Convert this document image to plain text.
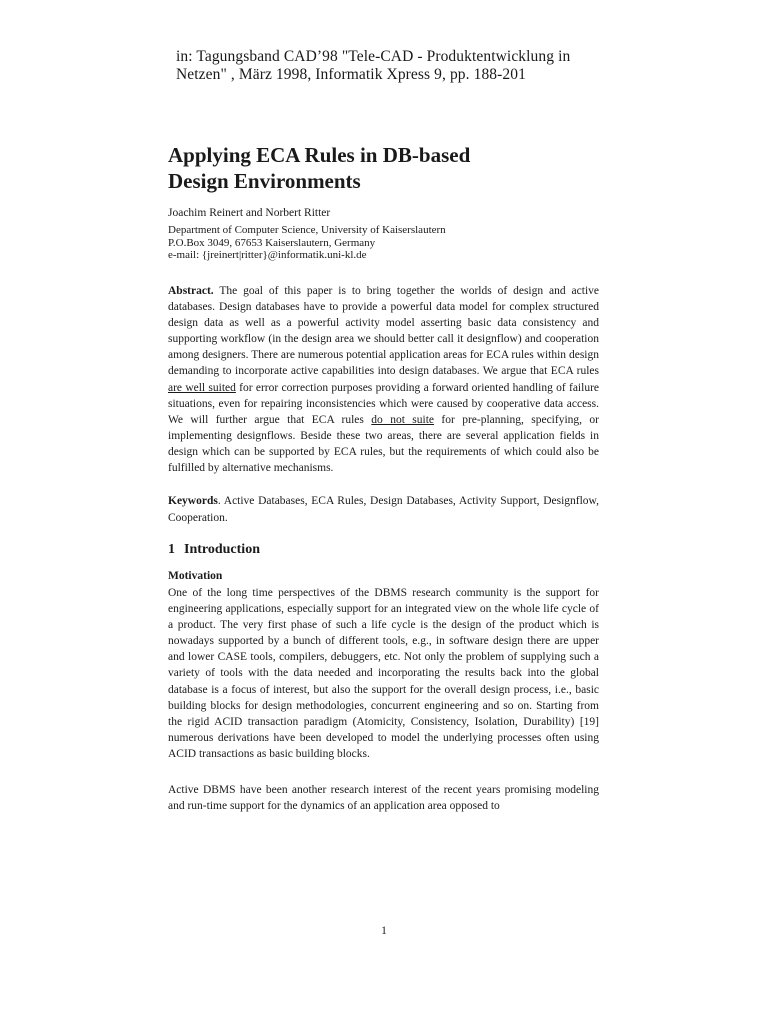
in: Tagungsband CAD’98 "Tele-CAD - Produktentwicklung in
Netzen" , März 1998, Informatik Xpress 9, pp. 188-201
Applying ECA Rules in DB-based
Design Environments
Joachim Reinert and Norbert Ritter
Department of Computer Science, University of Kaiserslautern
P.O.Box 3049, 67653 Kaiserslautern, Germany
e-mail: {jreinert|ritter}@informatik.uni-kl.de

Abstract. The goal of this paper is to bring together the worlds of design and active databases. Design databases have to provide a powerful data model for complex structured design data as well as a powerful activity model asserting basic data consistency and supporting workflow (in the design area we should better call it designflow) and cooperation among designers. There are numerous potential application areas for ECA rules within design demanding to incorporate active capabilities into design databases. We argue that ECA rules are well suited for error correction purposes providing a forward oriented handling of failure situations, even for repairing inconsistencies which were caused by cooperative data access. We will further argue that ECA rules do not suite for pre-planning, specifying, or implementing designflows. Beside these two areas, there are several application fields in design which can be supported by ECA rules, but the requirements of which could also be fulfilled by alternative mechanisms.

Keywords. Active Databases, ECA Rules, Design Databases, Activity Support, Designflow, Cooperation.

1 Introduction
Motivation

One of the long time perspectives of the DBMS research community is the support for engineering applications, especially support for an integrated view on the whole life cycle of a product. The very first phase of such a life cycle is the design of the product which is nowadays supported by a bunch of different tools, e.g., in software design there are upper and lower CASE tools, compilers, debuggers, etc. Not only the problem of supplying such a variety of tools with the data needed and incorporating the results back into the global database is a focus of interest, but also the support for the overall design process, i.e., basic building blocks for design methodologies, concurrent engineering and so on. Starting from the rigid ACID transaction paradigm (Atomicity, Consistency, Isolation, Durability) [19] numerous derivations have been developed to model the underlying processes often using ACID transactions as basic building blocks.

Active DBMS have been another research interest of the recent years promising modeling and run-time support for the dynamics of an application area opposed to

1
